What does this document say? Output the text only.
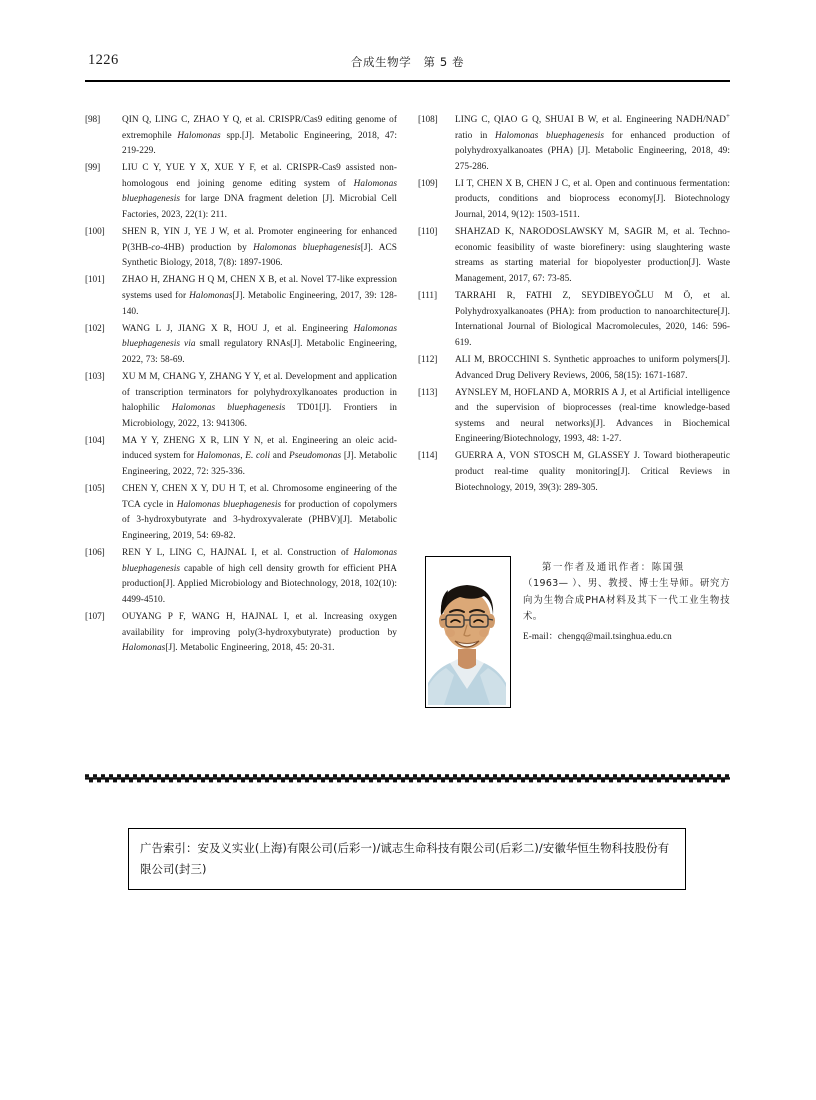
1226	合成生物学　第 5 卷
[98]	QIN Q, LING C, ZHAO Y Q, et al. CRISPR/Cas9 editing genome of extremophile Halomonas spp.[J]. Metabolic Engineering, 2018, 47: 219-229.
[99]	LIU C Y, YUE Y X, XUE Y F, et al. CRISPR-Cas9 assisted non-homologous end joining genome editing system of Halomonas bluephagenesis for large DNA fragment deletion [J]. Microbial Cell Factories, 2023, 22(1): 211.
[100]	SHEN R, YIN J, YE J W, et al. Promoter engineering for enhanced P(3HB-co-4HB) production by Halomonas bluephagenesis[J]. ACS Synthetic Biology, 2018, 7(8): 1897-1906.
[101]	ZHAO H, ZHANG H Q M, CHEN X B, et al. Novel T7-like expression systems used for Halomonas[J]. Metabolic Engineering, 2017, 39: 128-140.
[102]	WANG L J, JIANG X R, HOU J, et al. Engineering Halomonas bluephagenesis via small regulatory RNAs[J]. Metabolic Engineering, 2022, 73: 58-69.
[103]	XU M M, CHANG Y, ZHANG Y Y, et al. Development and application of transcription terminators for polyhydroxylkanoates production in halophilic Halomonas bluephagenesis TD01[J]. Frontiers in Microbiology, 2022, 13: 941306.
[104]	MA Y Y, ZHENG X R, LIN Y N, et al. Engineering an oleic acid-induced system for Halomonas, E. coli and Pseudomonas [J]. Metabolic Engineering, 2022, 72: 325-336.
[105]	CHEN Y, CHEN X Y, DU H T, et al. Chromosome engineering of the TCA cycle in Halomonas bluephagenesis for production of copolymers of 3-hydroxybutyrate and 3-hydroxyvalerate (PHBV)[J]. Metabolic Engineering, 2019, 54: 69-82.
[106]	REN Y L, LING C, HAJNAL I, et al. Construction of Halomonas bluephagenesis capable of high cell density growth for efficient PHA production[J]. Applied Microbiology and Biotechnology, 2018, 102(10): 4499-4510.
[107]	OUYANG P F, WANG H, HAJNAL I, et al. Increasing oxygen availability for improving poly(3-hydroxybutyrate) production by Halomonas[J]. Metabolic Engineering, 2018, 45: 20-31.
[108]	LING C, QIAO G Q, SHUAI B W, et al. Engineering NADH/NAD+ ratio in Halomonas bluephagenesis for enhanced production of polyhydroxyalkanoates (PHA) [J]. Metabolic Engineering, 2018, 49: 275-286.
[109]	LI T, CHEN X B, CHEN J C, et al. Open and continuous fermentation: products, conditions and bioprocess economy[J]. Biotechnology Journal, 2014, 9(12): 1503-1511.
[110]	SHAHZAD K, NARODOSLAWSKY M, SAGIR M, et al. Techno-economic feasibility of waste biorefinery: using slaughtering waste streams as starting material for biopolyester production[J]. Waste Management, 2017, 67: 73-85.
[111]	TARRAHI R, FATHI Z, SEYDIBEYOĞLU M Ö, et al. Polyhydroxyalkanoates (PHA): from production to nanoarchitecture[J]. International Journal of Biological Macromolecules, 2020, 146: 596-619.
[112]	ALI M, BROCCHINI S. Synthetic approaches to uniform polymers[J]. Advanced Drug Delivery Reviews, 2006, 58(15): 1671-1687.
[113]	AYNSLEY M, HOFLAND A, MORRIS A J, et al Artificial intelligence and the supervision of bioprocesses (real-time knowledge-based systems and neural networks)[J]. Advances in Biochemical Engineering/Biotechnology, 1993, 48: 1-27.
[114]	GUERRA A, VON STOSCH M, GLASSEY J. Toward biotherapeutic product real-time quality monitoring[J]. Critical Reviews in Biotechnology, 2019, 39(3): 289-305.
第一作者及通讯作者：陈国强
（1963— ）、男、教授、博士生导师。研究方向为生物合成PHA材料及其下一代工业生物技术。
E-mail：chengq@mail.tsinghua.edu.cn
广告索引：安及义实业(上海)有限公司(后彩一)/诚志生命科技有限公司(后彩二)/安徽华恒生物科技股份有限公司(封三)
